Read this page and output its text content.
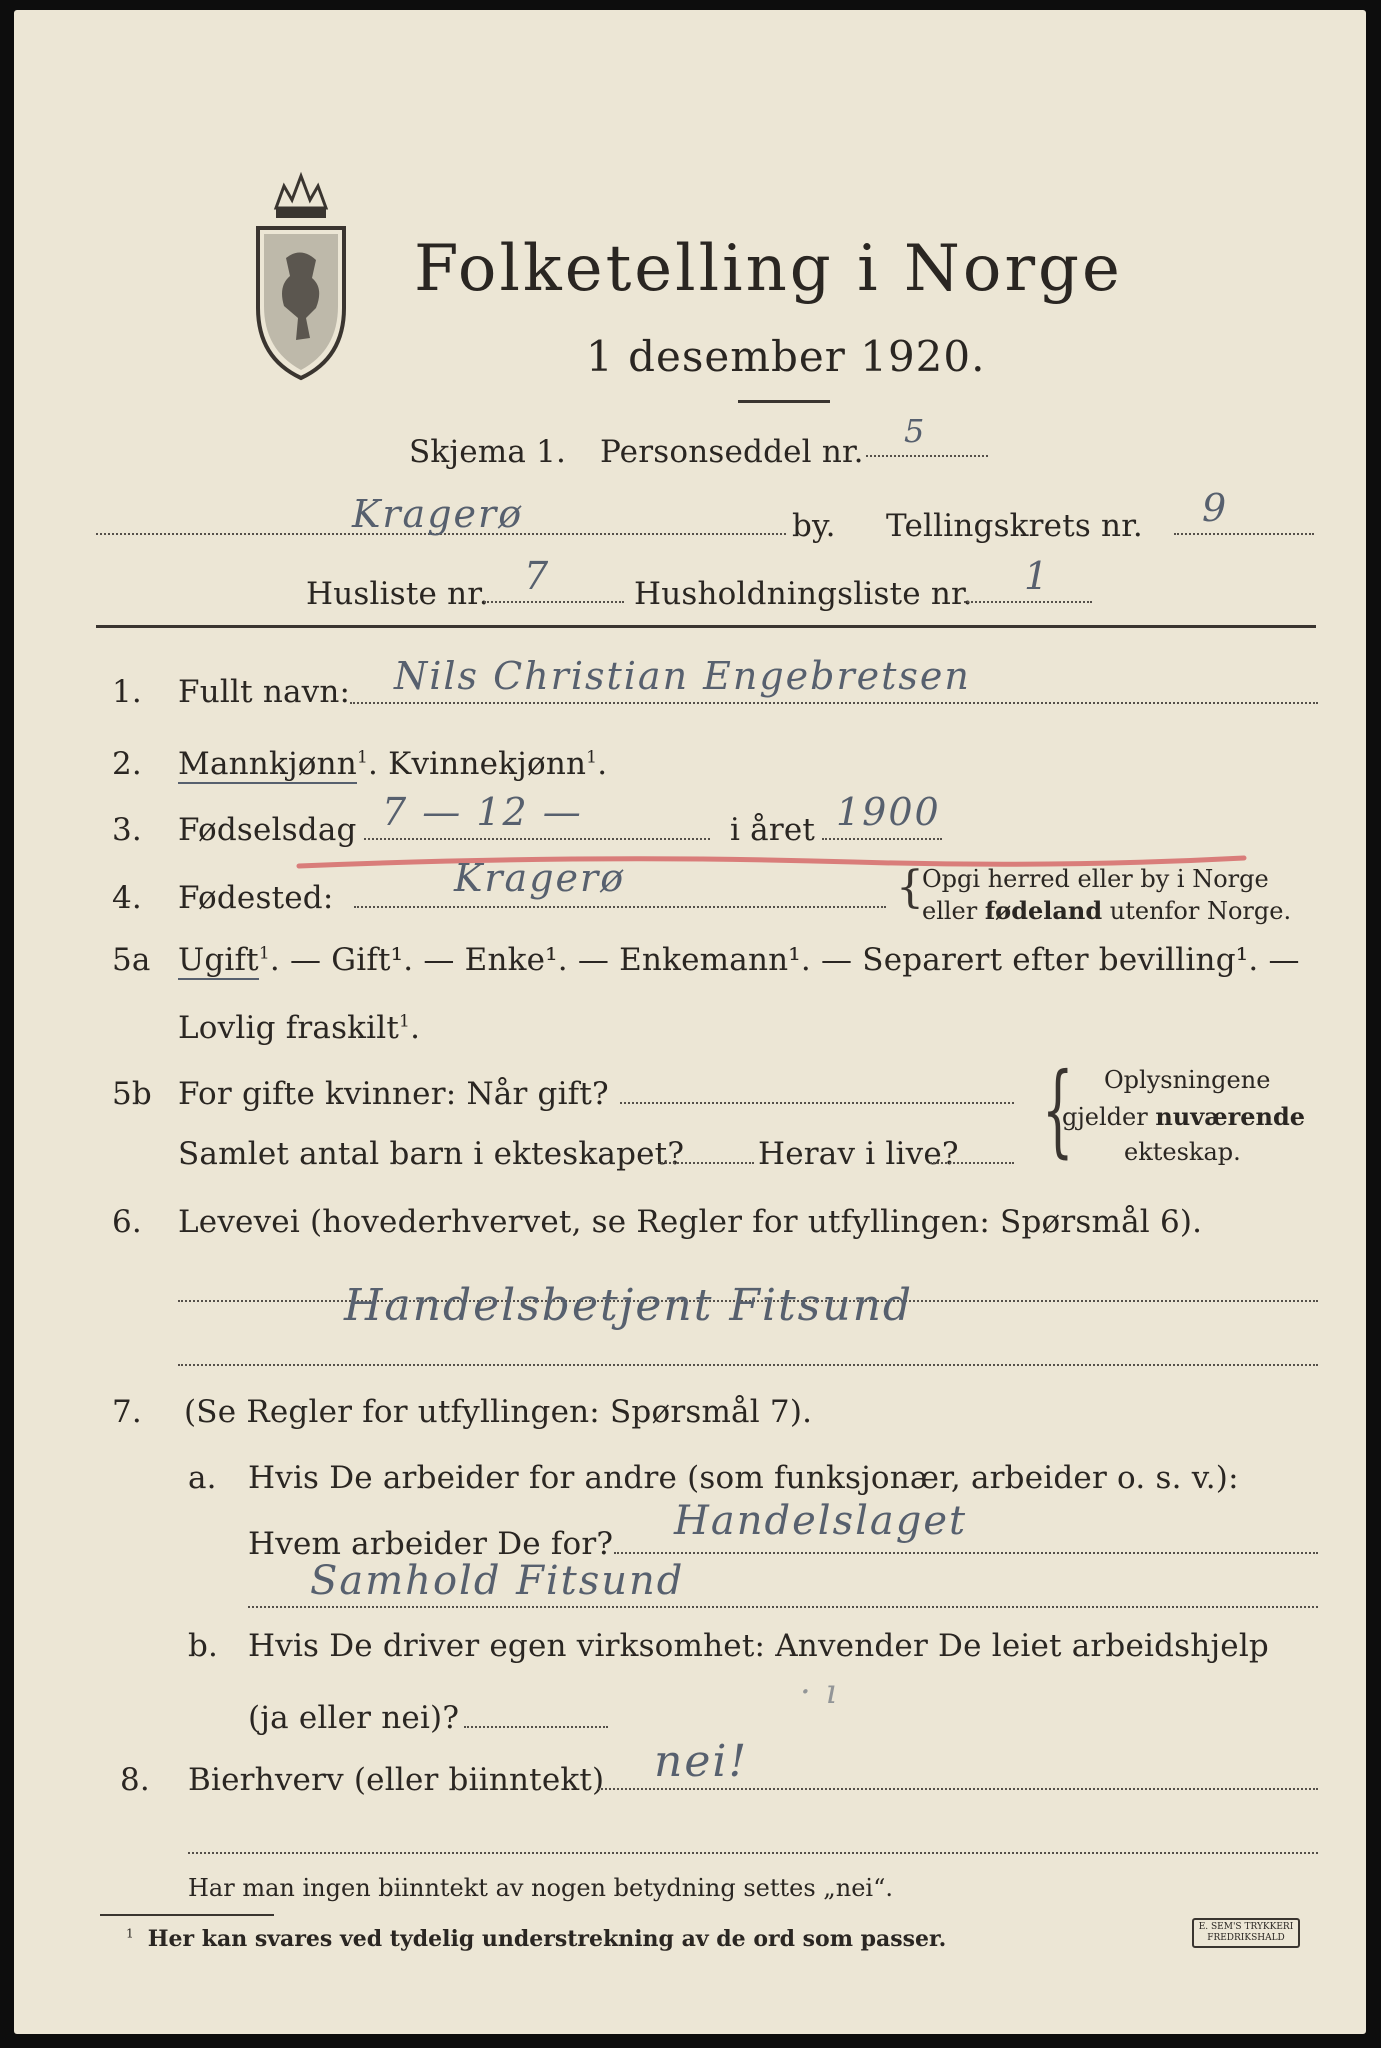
Folketelling i Norge
1 desember 1920.
Skjema 1. Personseddel nr.
5
Kragerø	by. Tellingskrets nr. 9
Husliste nr. 7	Husholdningsliste nr. 1
1. Fullt navn: Nils Christian Engebretsen
2. Mannkjønn$^1$. Kvinnekjønn$^1$.
3. Fødselsdag 7 — 12 —	i året 1900
4. Fødested:	Kragerø	{
Opgi herred eller by i Norge
eller fødeland utenfor Norge.
5a Ugift$^1$. — Gift¹. — Enke¹. — Enkemann¹. — Separert efter bevilling¹. —
Lovlig fraskilt$^1$.
5b For gifte kvinner: Når gift?
Samlet antal barn i ekteskapet? Herav i live? { Oplysningene
gjelder nuværende
ekteskap.
6. Levevei (hovederhvervet, se Regler for utfyllingen: Spørsmål 6).
Handelsbetjent Fitsund
7. (Se Regler for utfyllingen: Spørsmål 7).
a. Hvis De arbeider for andre (som funksjonær, arbeider o. s. v.):
Hvem arbeider De for? Handelslaget
Samhold Fitsund
b. Hvis De driver egen virksomhet: Anvender De leiet arbeidshjelp
(ja eller nei)?
· ı
8. Bierhverv (eller biinntekt) nei!
Har man ingen biinntekt av nogen betydning settes „nei“.
$^1$ Her kan svares ved tydelig understrekning av de ord som passer.	E. SEM'S TRYKKERI FREDRIKSHALD
